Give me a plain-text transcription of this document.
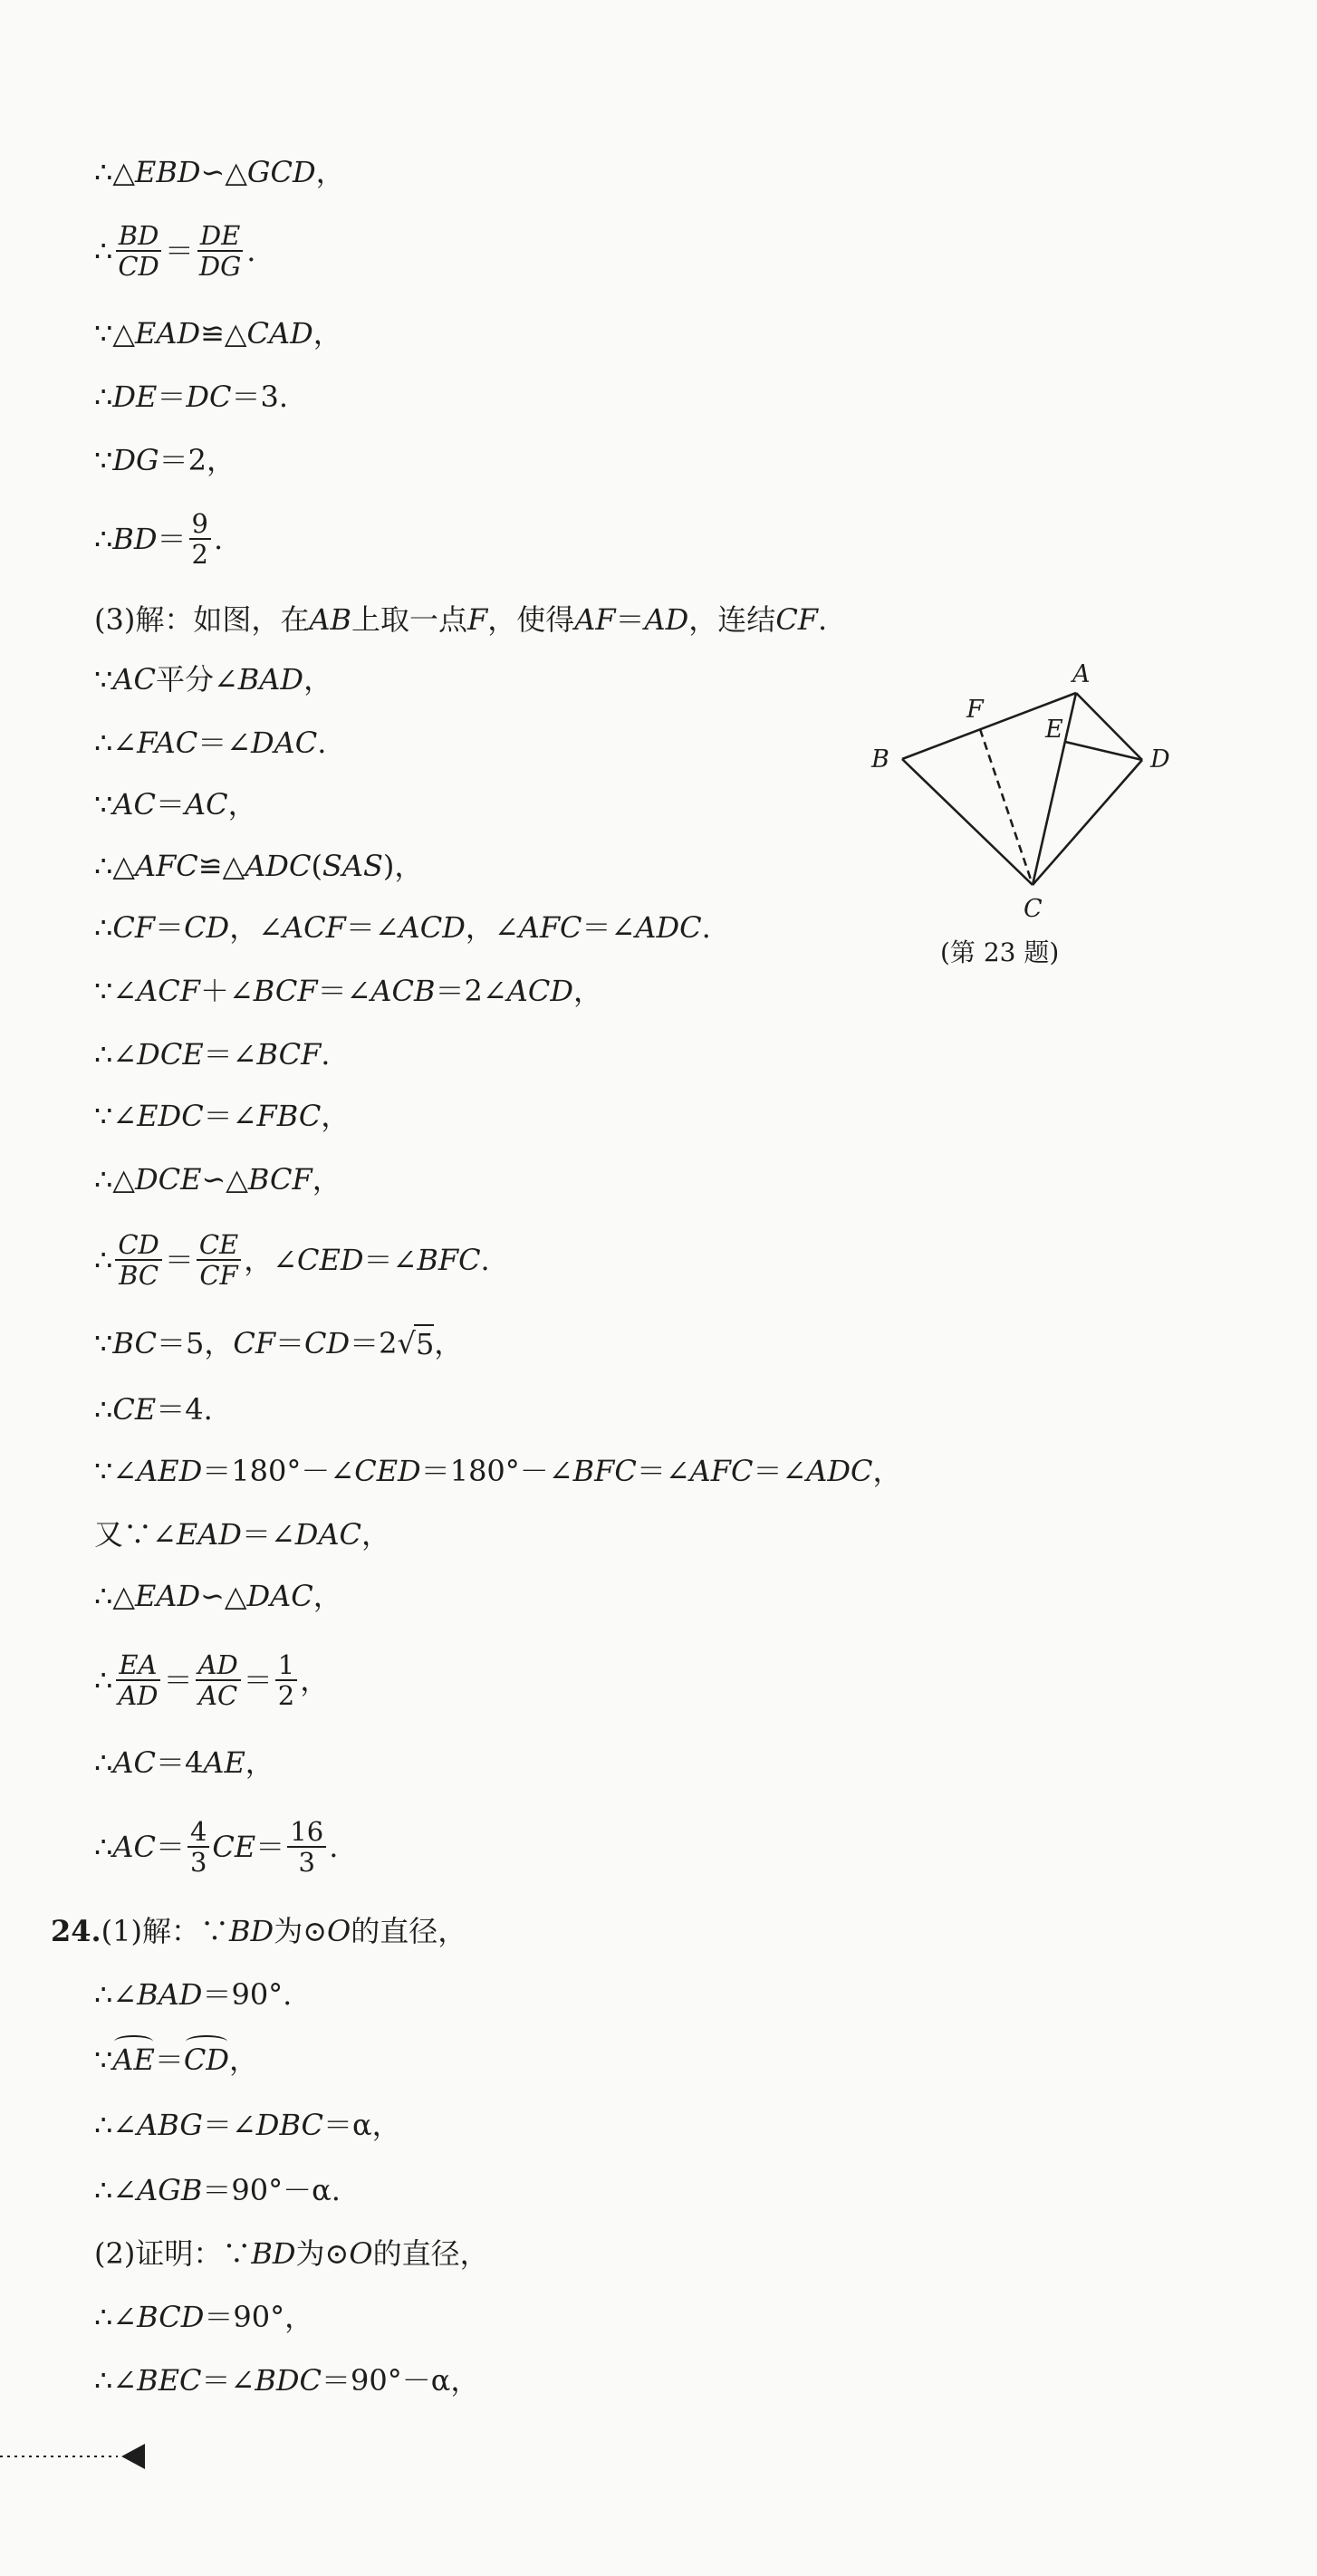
∴△ EBD ∽△ GCD ，
∴ $\frac{BD}{CD} = \frac{DE}{DG}$ .
∵△ EAD ≌△ CAD ，
∴ DE ＝ DC ＝3.
∵ DG ＝2，
∴ BD ＝ $\frac{9}{2}$ .
(3)解：如图，在 AB 上取一点 F ，使得 AF ＝ AD ，连结 CF .
∵ AC 平分∠ BAD ，
∴∠ FAC ＝∠ DAC .
∵ AC ＝ AC ，
∴△ AFC ≌△ ADC ( SAS )，
∴ CF ＝ CD ，∠ ACF ＝∠ ACD ，∠ AFC ＝∠ ADC .
∵∠ ACF ＋∠ BCF ＝∠ ACB ＝2∠ ACD ，
∴∠ DCE ＝∠ BCF .
∵∠ EDC ＝∠ FBC ，
∴△ DCE ∽△ BCF ，
∴ $\frac{CD}{BC} = \frac{CE}{CF}$ ，∠ CED ＝∠ BFC .
∵ BC ＝5， CF ＝ CD ＝2√ 5 ，
∴ CE ＝4.
∵∠ AED ＝180°－∠ CED ＝180°－∠ BFC ＝∠ AFC ＝∠ ADC ，
又∵∠ EAD ＝∠ DAC ，
∴△ EAD ∽△ DAC ，
∴ $\frac{EA}{AD} = \frac{AD}{AC} = \frac{1}{2}$ ，
∴ AC ＝4 AE ，
∴ AC ＝ $\frac{4}{3}$ CE ＝ $\frac{16}{3}$ .
24. (1)解：∵ BD 为⊙ O 的直径，
∴∠ BAD ＝90°.
∵ AE ＝ CD ，
∴∠ ABG ＝∠ DBC ＝α，
∴∠ AGB ＝90°－α.
(2)证明：∵ BD 为⊙ O 的直径，
∴∠ BCD ＝90°，
∴∠ BEC ＝∠ BDC ＝90°－α，
A
B
C
D
E
F
(第 23 题)
